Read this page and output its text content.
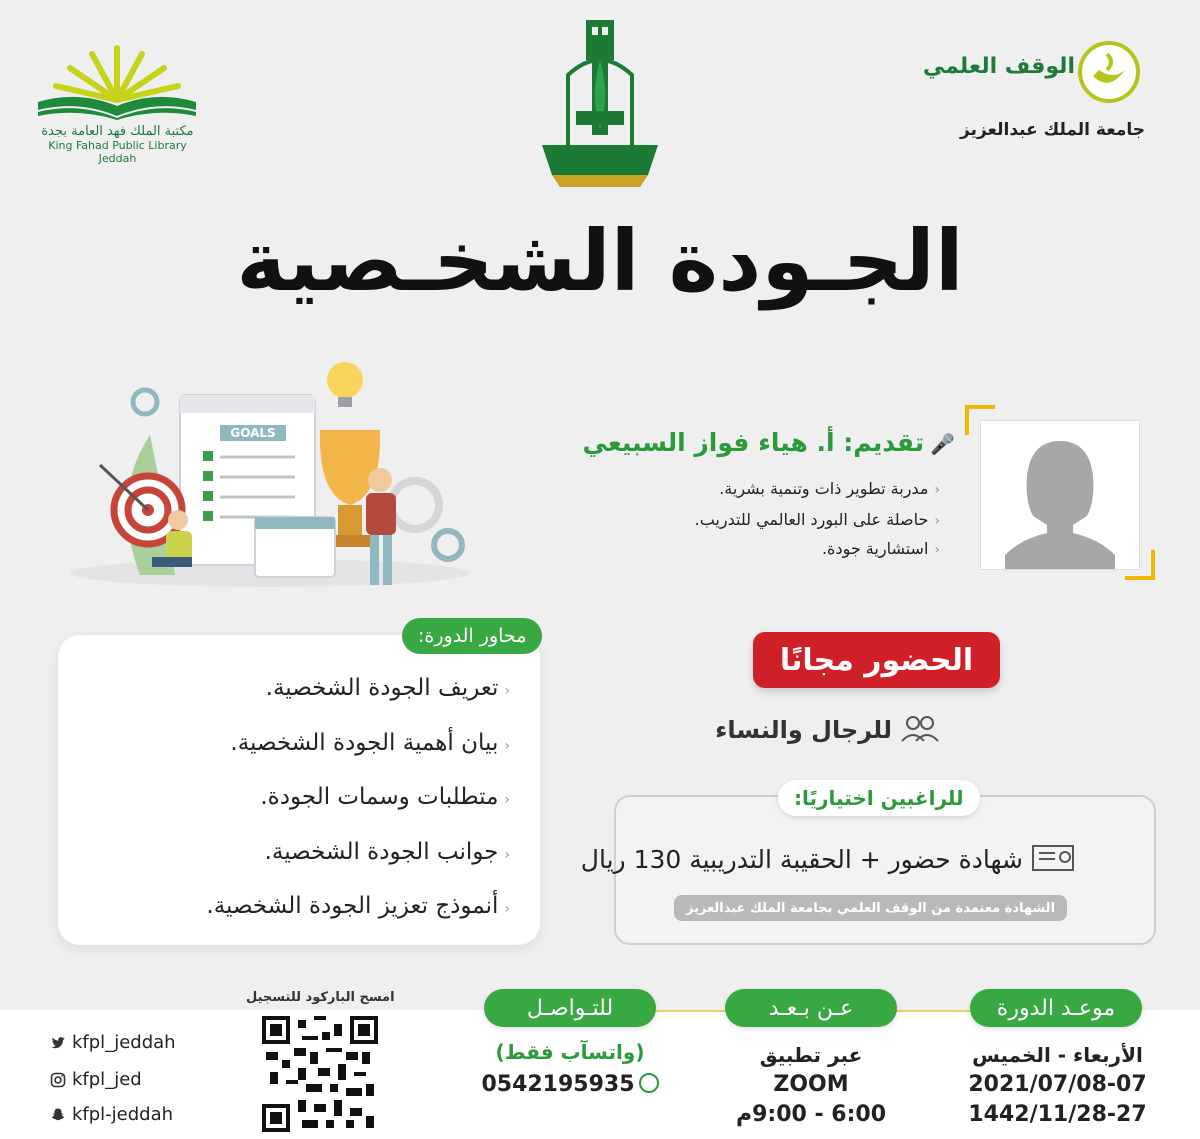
مكتبة الملك فهد العامة بجدة
King Fahad Public Library Jeddah
الوقف العلمي
جامعة الملك عبدالعزيز
الجـودة الشخـصية
GOALS	🎤تقديم: أ. هياء فواز السبيعي
‹مدربة تطوير ذات وتنمية بشرية.
‹حاصلة على البورد العالمي للتدريب.
‹استشارية جودة.
محاور الدورة:
‹تعريف الجودة الشخصية.
‹بيان أهمية الجودة الشخصية.
‹متطلبات وسمات الجودة.
‹جوانب الجودة الشخصية.
‹أنموذج تعزيز الجودة الشخصية.
الحضور مجانًا
للرجال والنساء
للراغبين اختياريًا:
شهادة حضور + الحقيبة التدريبية 130 ريال
الشهادة معتمدة من الوقف العلمي بجامعة الملك عبدالعزيز
موعـد الدورة
الأربعاء - الخميس
2021/07/08-07
1442/11/28-27
عـن بـعـد
عبر تطبيق
ZOOM
6:00 - 9:00م
للتـواصـل
(واتسآب فقط)
0542195935
امسح الباركود للتسجيل
kfpl_jeddah
kfpl_jed
kfpl-jeddah
